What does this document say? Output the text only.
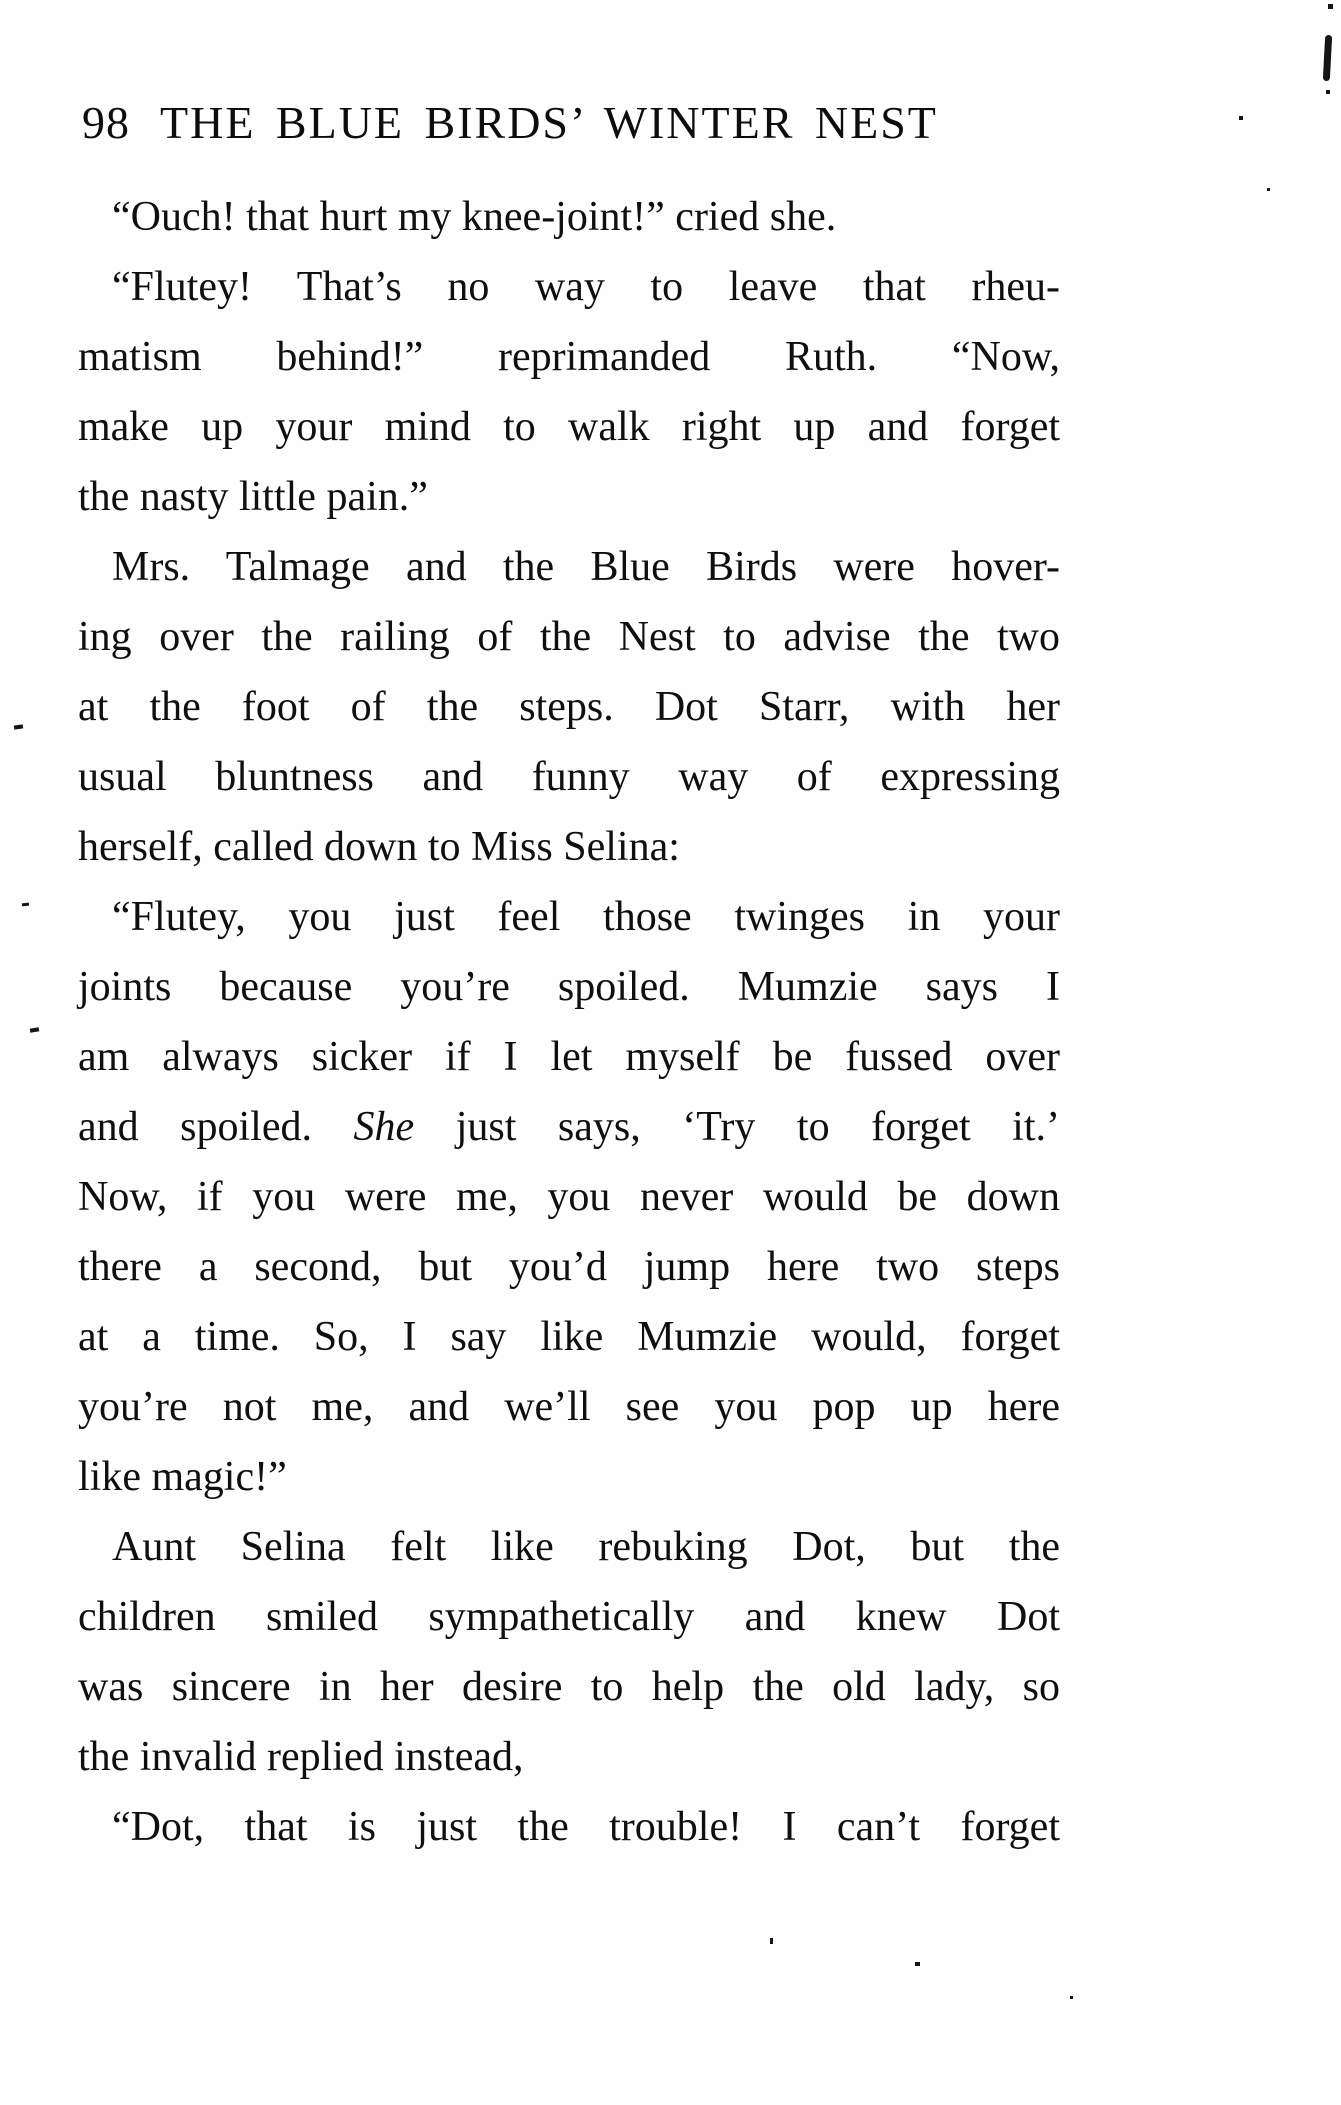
98 THE BLUE BIRDS’ WINTER NEST
“Ouch! that hurt my knee-joint!” cried she.
“Flutey! That’s no way to leave that rheu-
matism behind!” reprimanded Ruth. “Now,
make up your mind to walk right up and forget
the nasty little pain.”
Mrs. Talmage and the Blue Birds were hover-
ing over the railing of the Nest to advise the two
at the foot of the steps. Dot Starr, with her
usual bluntness and funny way of expressing
herself, called down to Miss Selina:
“Flutey, you just feel those twinges in your
joints because you’re spoiled. Mumzie says I
am always sicker if I let myself be fussed over
and spoiled. She just says, ‘Try to forget it.’
Now, if you were me, you never would be down
there a second, but you’d jump here two steps
at a time. So, I say like Mumzie would, forget
you’re not me, and we’ll see you pop up here
like magic!”
Aunt Selina felt like rebuking Dot, but the
children smiled sympathetically and knew Dot
was sincere in her desire to help the old lady, so
the invalid replied instead,
“Dot, that is just the trouble! I can’t forget
